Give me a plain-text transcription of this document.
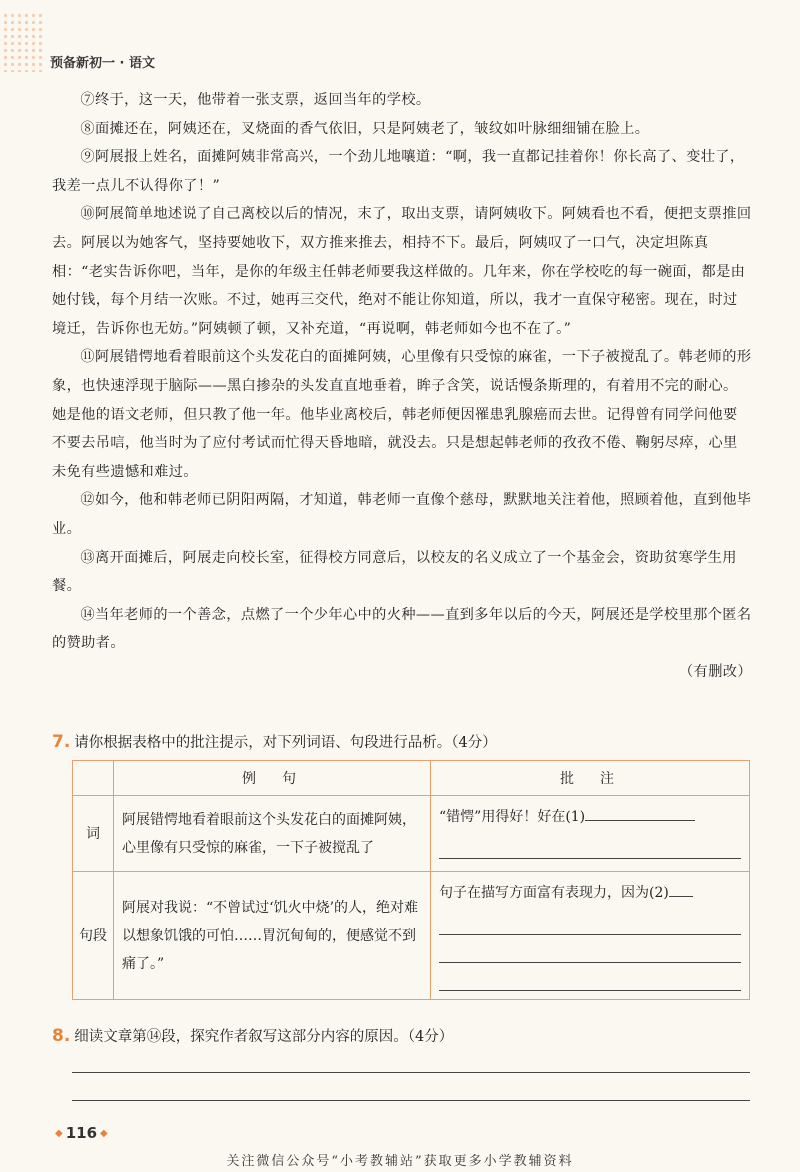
预备新初一 · 语文

⑦终于，这一天，他带着一张支票，返回当年的学校。

⑧面摊还在，阿姨还在，叉烧面的香气依旧，只是阿姨老了，皱纹如叶脉细细铺在脸上。

⑨阿展报上姓名，面摊阿姨非常高兴，一个劲儿地嚷道：“啊，我一直都记挂着你！你长高了、变壮了，我差一点儿不认得你了！”

⑩阿展简单地述说了自己离校以后的情况，末了，取出支票，请阿姨收下。阿姨看也不看，便把支票推回去。阿展以为她客气，坚持要她收下，双方推来推去，相持不下。最后，阿姨叹了一口气，决定坦陈真相：“老实告诉你吧，当年，是你的年级主任韩老师要我这样做的。几年来，你在学校吃的每一碗面，都是由她付钱，每个月结一次账。不过，她再三交代，绝对不能让你知道，所以，我才一直保守秘密。现在，时过境迁，告诉你也无妨。”阿姨顿了顿，又补充道，“再说啊，韩老师如今也不在了。”

⑪阿展错愕地看着眼前这个头发花白的面摊阿姨，心里像有只受惊的麻雀，一下子被搅乱了。韩老师的形象，也快速浮现于脑际——黑白掺杂的头发直直地垂着，眸子含笑，说话慢条斯理的，有着用不完的耐心。她是他的语文老师，但只教了他一年。他毕业离校后，韩老师便因罹患乳腺癌而去世。记得曾有同学问他要不要去吊唁，他当时为了应付考试而忙得天昏地暗，就没去。只是想起韩老师的孜孜不倦、鞠躬尽瘁，心里未免有些遗憾和难过。

⑫如今，他和韩老师已阴阳两隔，才知道，韩老师一直像个慈母，默默地关注着他，照顾着他，直到他毕业。

⑬离开面摊后，阿展走向校长室，征得校方同意后，以校友的名义成立了一个基金会，资助贫寒学生用餐。

⑭当年老师的一个善念，点燃了一个少年心中的火种——直到多年以后的今天，阿展还是学校里那个匿名的赞助者。

（有删改）

7. 请你根据表格中的批注提示，对下列词语、句段进行品析。（4分）
	例　句	批　注
词	阿展错愕地看着眼前这个头发花白的面摊阿姨，心里像有只受惊的麻雀，一下子被搅乱了	“错愕”用得好！好在(1)

句段	阿展对我说：“不曾试过‘饥火中烧’的人，绝对难以想象饥饿的可怕……胃沉甸甸的，便感觉不到痛了。”	句子在描写方面富有表现力，因为(2)
8. 细读文章第⑭段，探究作者叙写这部分内容的原因。（4分）
◆ 116 ◆
关注微信公众号“小考教辅站”获取更多小学教辅资料
